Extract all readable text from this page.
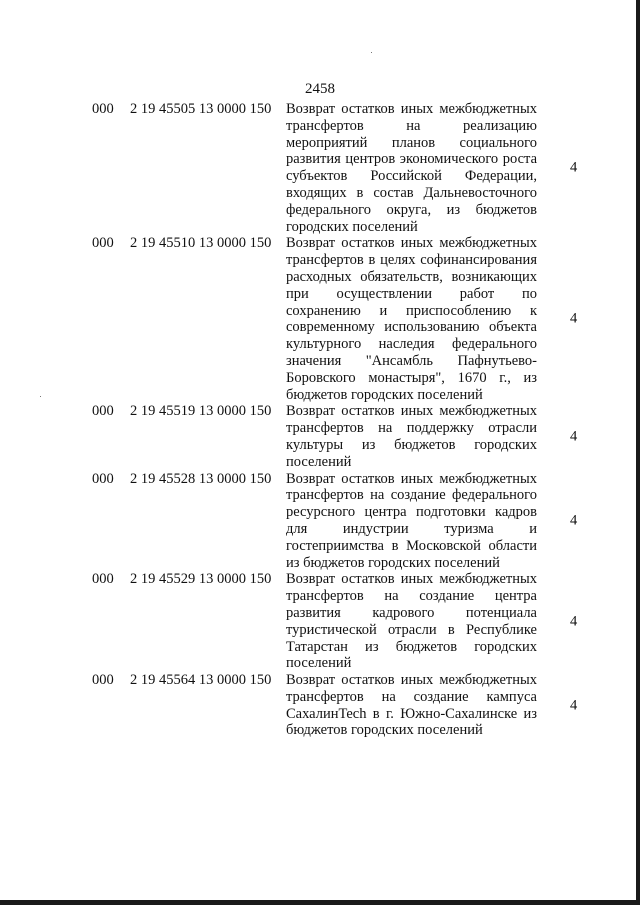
2458
000 2 19 45505 13 0000 150 Возврат остатков иных межбюджетных трансфертов на реализацию мероприятий планов социального развития центров экономического роста субъектов Российской Федерации, входящих в состав Дальневосточного федерального округа, из бюджетов городских поселений
4
000 2 19 45510 13 0000 150 Возврат остатков иных межбюджетных трансфертов в целях софинансирования расходных обязательств, возникающих при осуществлении работ по сохранению и приспособлению к современному использованию объекта культурного наследия федерального значения "Ансамбль Пафнутьево-Боровского монастыря", 1670 г., из бюджетов городских поселений
4
000 2 19 45519 13 0000 150 Возврат остатков иных межбюджетных трансфертов на поддержку отрасли культуры из бюджетов городских поселений
4
000 2 19 45528 13 0000 150 Возврат остатков иных межбюджетных трансфертов на создание федерального ресурсного центра подготовки кадров для индустрии туризма и гостеприимства в Московской области из бюджетов городских поселений
4
000 2 19 45529 13 0000 150 Возврат остатков иных межбюджетных трансфертов на создание центра развития кадрового потенциала туристической отрасли в Республике Татарстан из бюджетов городских поселений
4
000 2 19 45564 13 0000 150 Возврат остатков иных межбюджетных трансфертов на создание кампуса СахалинTech в г. Южно-Сахалинске из бюджетов городских поселений
4
